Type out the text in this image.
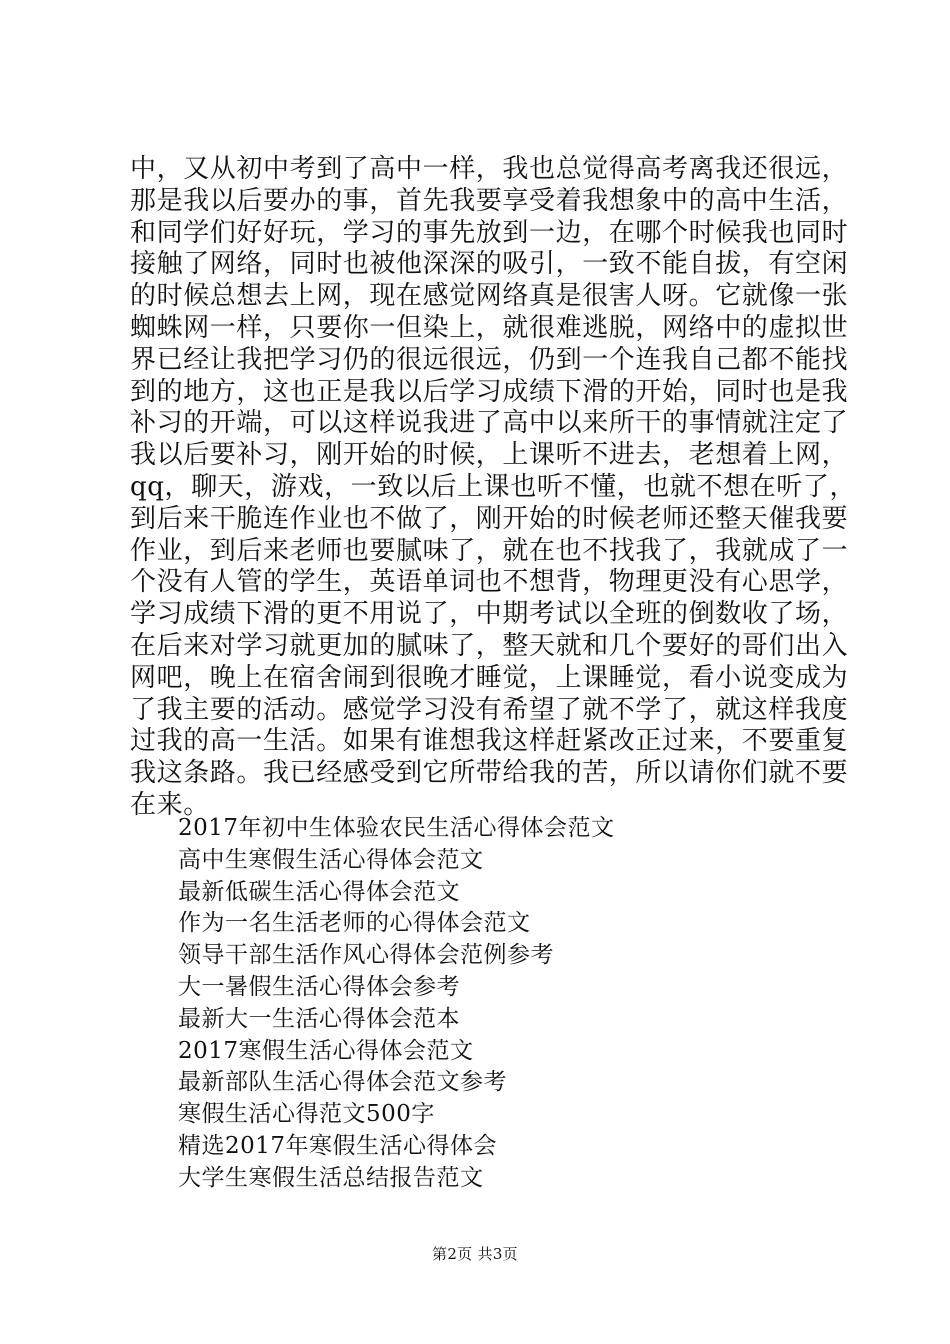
中，又从初中考到了高中一样，我也总觉得高考离我还很远，
那是我以后要办的事，首先我要享受着我想象中的高中生活，
和同学们好好玩，学习的事先放到一边，在哪个时候我也同时
接触了网络，同时也被他深深的吸引，一致不能自拔，有空闲
的时候总想去上网，现在感觉网络真是很害人呀。它就像一张
蜘蛛网一样，只要你一但染上，就很难逃脱，网络中的虚拟世
界已经让我把学习仍的很远很远，仍到一个连我自己都不能找
到的地方，这也正是我以后学习成绩下滑的开始，同时也是我
补习的开端，可以这样说我进了高中以来所干的事情就注定了
我以后要补习，刚开始的时候，上课听不进去，老想着上网，
qq，聊天，游戏，一致以后上课也听不懂，也就不想在听了，
到后来干脆连作业也不做了，刚开始的时候老师还整天催我要
作业，到后来老师也要腻味了，就在也不找我了，我就成了一
个没有人管的学生，英语单词也不想背，物理更没有心思学，
学习成绩下滑的更不用说了，中期考试以全班的倒数收了场，
在后来对学习就更加的腻味了，整天就和几个要好的哥们出入
网吧，晚上在宿舍闹到很晚才睡觉，上课睡觉，看小说变成为
了我主要的活动。感觉学习没有希望了就不学了，就这样我度
过我的高一生活。如果有谁想我这样赶紧改正过来，不要重复
我这条路。我已经感受到它所带给我的苦，所以请你们就不要
在来。
2017年初中生体验农民生活心得体会范文
高中生寒假生活心得体会范文
最新低碳生活心得体会范文
作为一名生活老师的心得体会范文
领导干部生活作风心得体会范例参考
大一暑假生活心得体会参考
最新大一生活心得体会范本
2017寒假生活心得体会范文
最新部队生活心得体会范文参考
寒假生活心得范文500字
精选2017年寒假生活心得体会
大学生寒假生活总结报告范文
第2页 共3页
